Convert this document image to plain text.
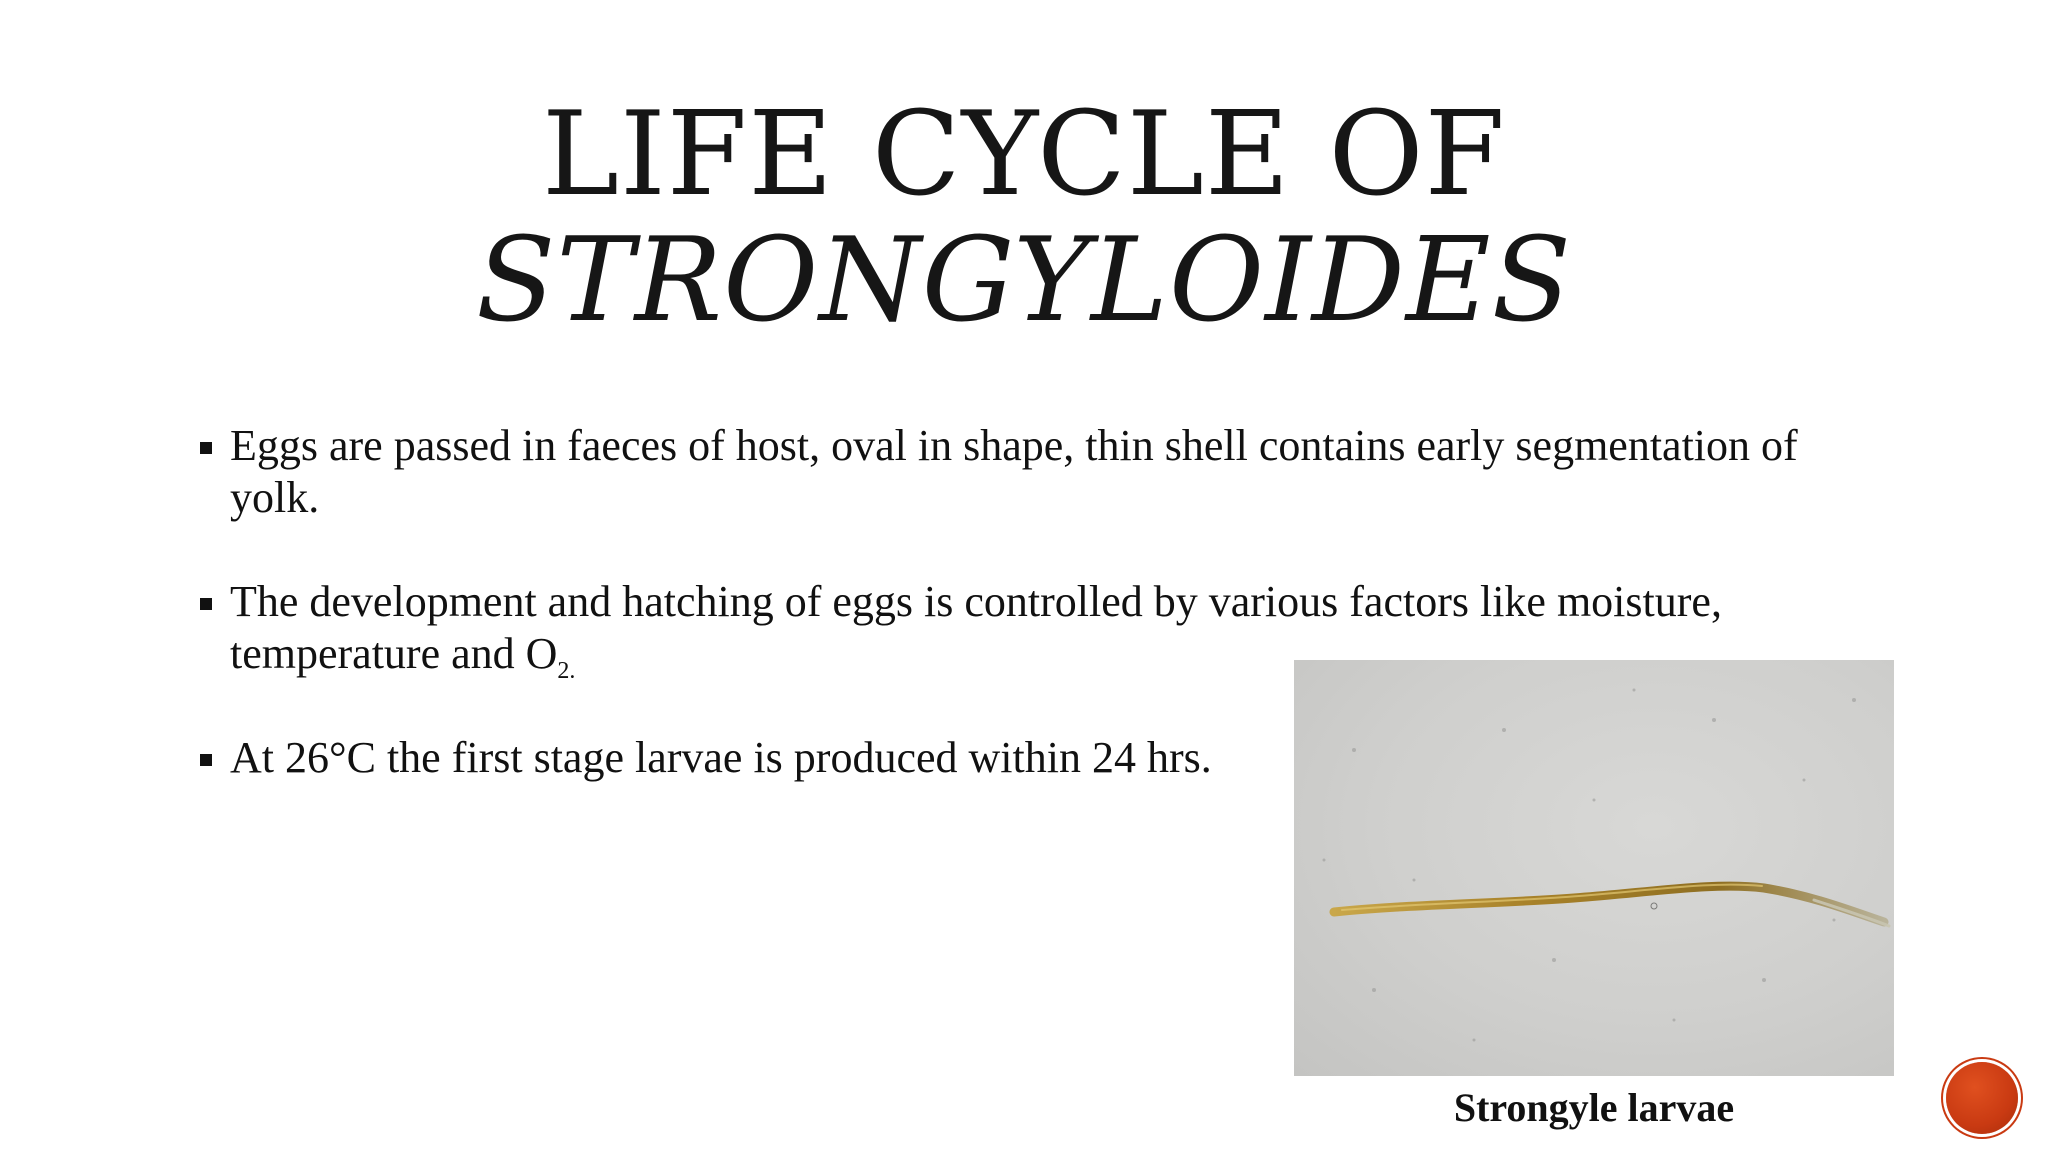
LIFE CYCLE OF
STRONGYLOIDES
Eggs are passed in faeces of host, oval in shape, thin shell contains early segmentation of yolk.
The development and hatching of eggs is controlled by various factors like moisture, temperature and $O_{2.}$
At 26°C the first stage larvae is produced within 24 hrs.
Strongyle larvae
